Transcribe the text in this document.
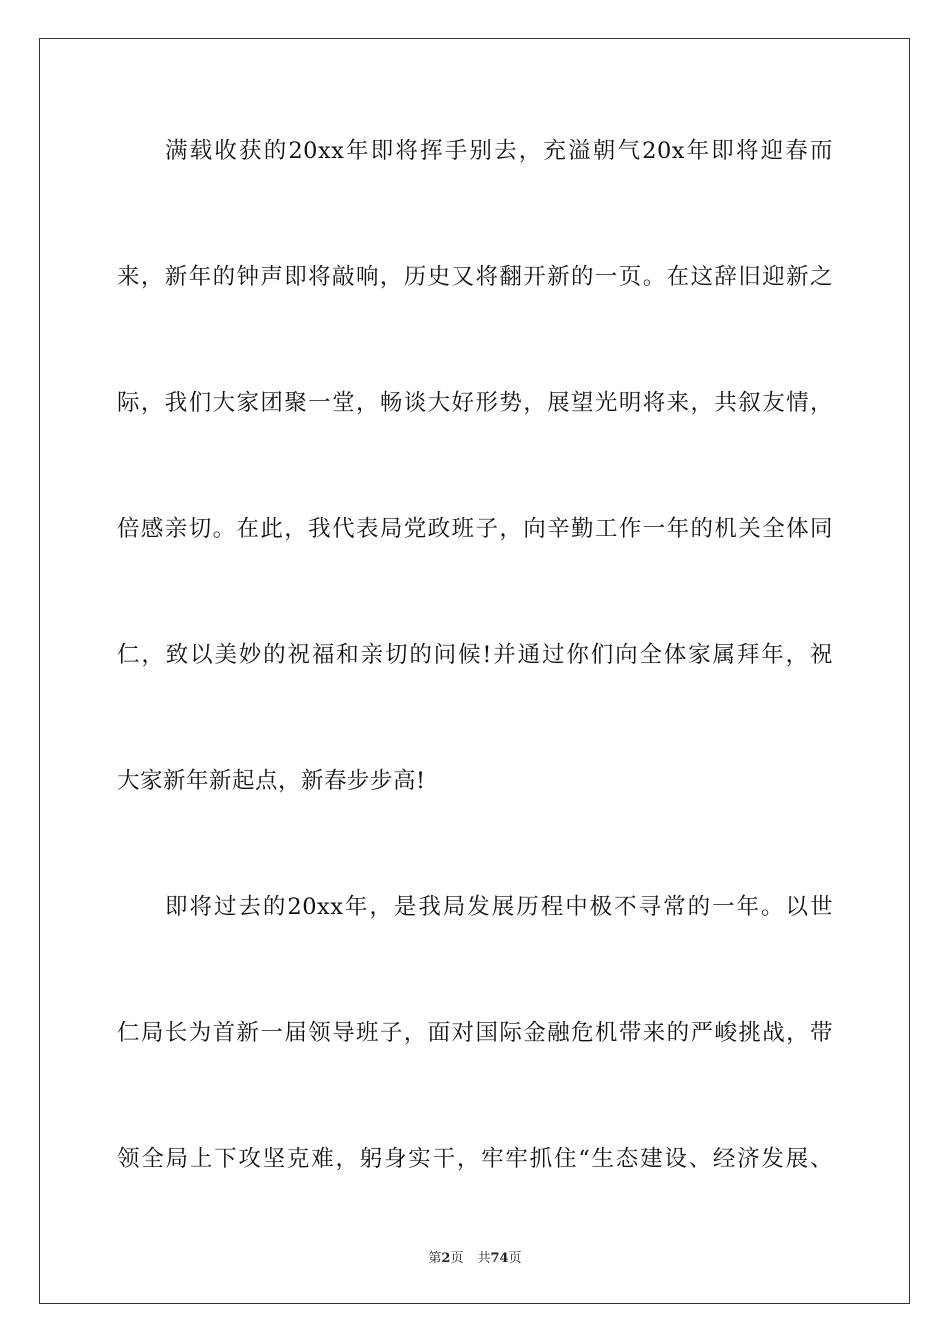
满载收获的20xx年即将挥手别去，充溢朝气20x年即将迎春而
来，新年的钟声即将敲响，历史又将翻开新的一页。在这辞旧迎新之
际，我们大家团聚一堂，畅谈大好形势，展望光明将来，共叙友情，
倍感亲切。在此，我代表局党政班子，向辛勤工作一年的机关全体同
仁，致以美妙的祝福和亲切的问候!并通过你们向全体家属拜年，祝
大家新年新起点，新春步步高!
即将过去的20xx年，是我局发展历程中极不寻常的一年。以世
仁局长为首新一届领导班子，面对国际金融危机带来的严峻挑战，带
领全局上下攻坚克难，躬身实干，牢牢抓住“生态建设、经济发展、
第2页 共74页
